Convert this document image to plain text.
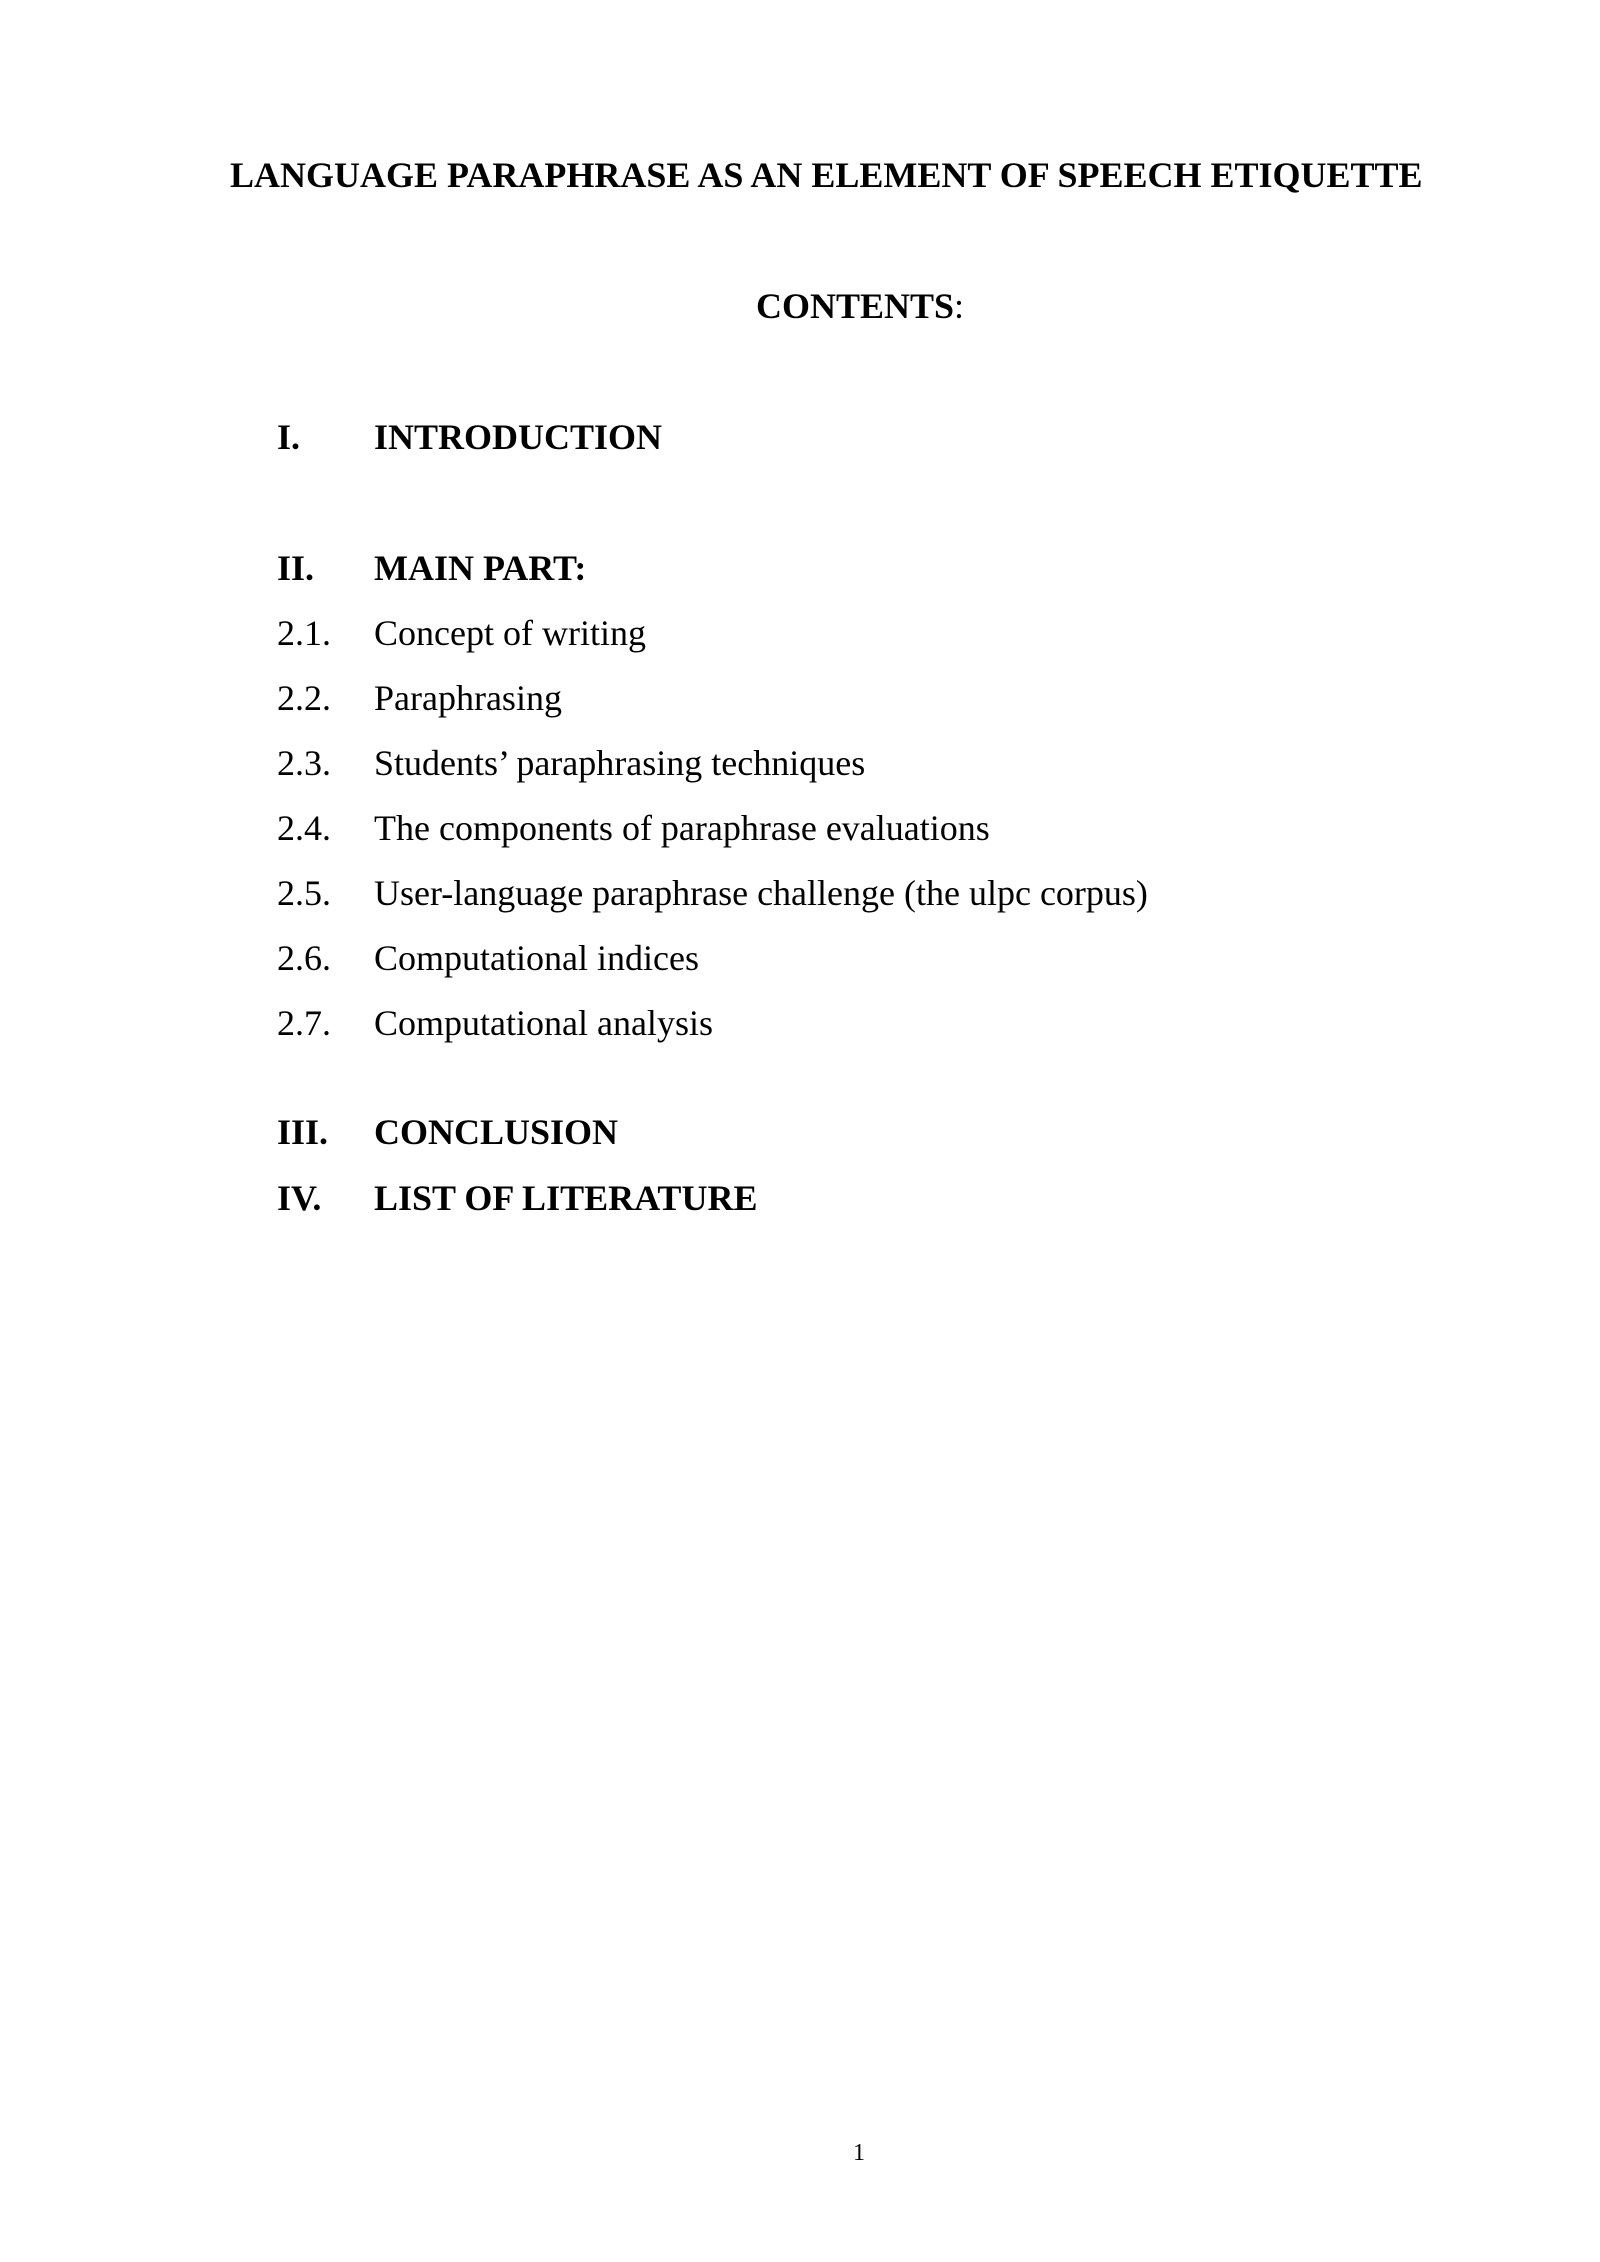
LANGUAGE PARAPHRASE AS AN ELEMENT OF SPEECH ETIQUETTE

CONTENTS:

I. INTRODUCTION

II. MAIN PART:

2.1. Concept of writing

2.2. Paraphrasing

2.3. Students’ paraphrasing techniques

2.4. The components of paraphrase evaluations

2.5. User-language paraphrase challenge (the ulpc corpus)

2.6. Computational indices

2.7. Computational analysis

III. CONCLUSION

IV. LIST OF LITERATURE

1
